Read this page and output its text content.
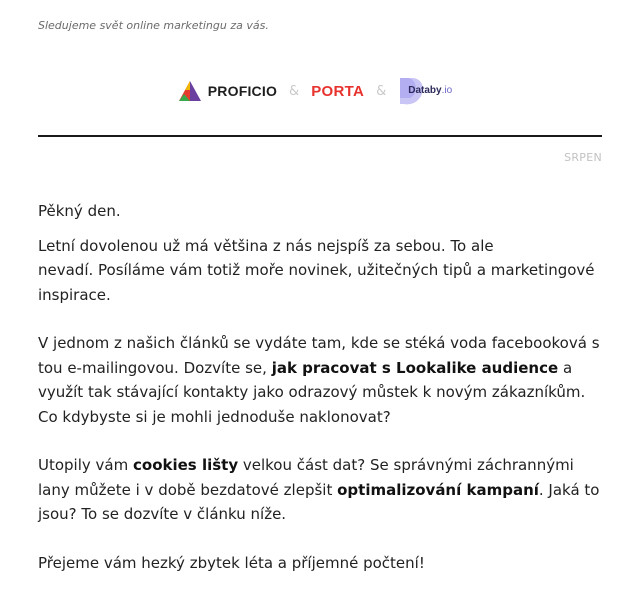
Sledujeme svět online marketingu za vás.
PROFICIO & PORTA & Databy.io
SRPEN

Pěkný den.

Letní dovolenou už má většina z nás nejspíš za sebou. To ale
nevadí. Posíláme vám totiž moře novinek, užitečných tipů a marketingové inspirace.

V jednom z našich článků se vydáte tam, kde se stéká voda facebooková s tou e-mailingovou. Dozvíte se, jak pracovat s Lookalike audience a využít tak stávající kontakty jako odrazový můstek k novým zákazníkům. Co kdybyste si je mohli jednoduše naklonovat?

Utopily vám cookies lišty velkou část dat? Se správnými záchrannými lany můžete i v době bezdatové zlepšit optimalizování kampaní. Jaká to jsou? To se dozvíte v článku níže.

Přejeme vám hezký zbytek léta a příjemné počtení!
